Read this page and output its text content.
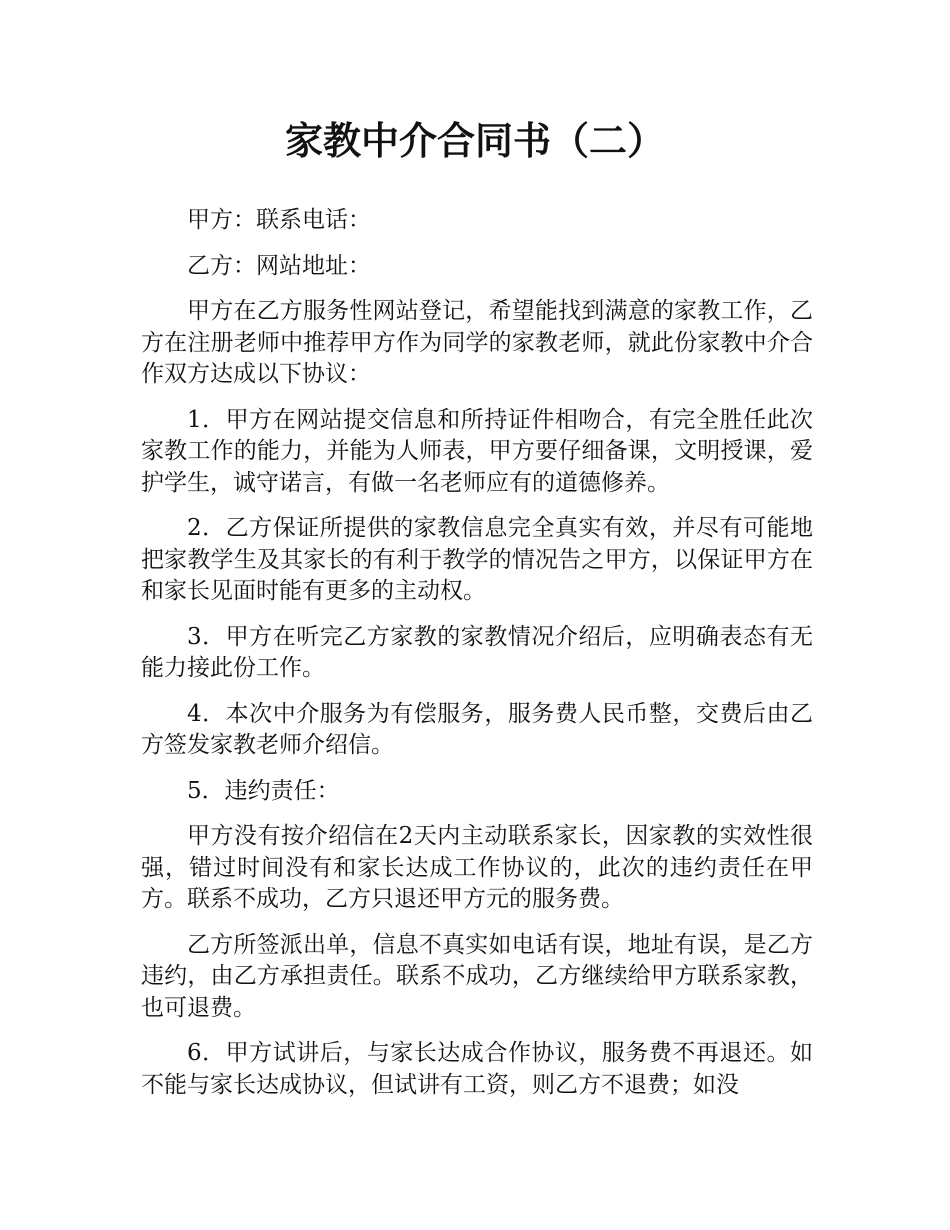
家教中介合同书（二）

甲方：联系电话：

乙方：网站地址：

甲方在乙方服务性网站登记，希望能找到满意的家教工作，乙方在注册老师中推荐甲方作为同学的家教老师，就此份家教中介合作双方达成以下协议：

1．甲方在网站提交信息和所持证件相吻合，有完全胜任此次家教工作的能力，并能为人师表，甲方要仔细备课，文明授课，爱护学生，诚守诺言，有做一名老师应有的道德修养。

2．乙方保证所提供的家教信息完全真实有效，并尽有可能地把家教学生及其家长的有利于教学的情况告之甲方，以保证甲方在和家长见面时能有更多的主动权。

3．甲方在听完乙方家教的家教情况介绍后，应明确表态有无能力接此份工作。

4．本次中介服务为有偿服务，服务费人民币整，交费后由乙方签发家教老师介绍信。

5．违约责任：

甲方没有按介绍信在2天内主动联系家长，因家教的实效性很强，错过时间没有和家长达成工作协议的，此次的违约责任在甲方。联系不成功，乙方只退还甲方元的服务费。

乙方所签派出单，信息不真实如电话有误，地址有误，是乙方违约，由乙方承担责任。联系不成功，乙方继续给甲方联系家教，也可退费。

6．甲方试讲后，与家长达成合作协议，服务费不再退还。如不能与家长达成协议，但试讲有工资，则乙方不退费；如没
